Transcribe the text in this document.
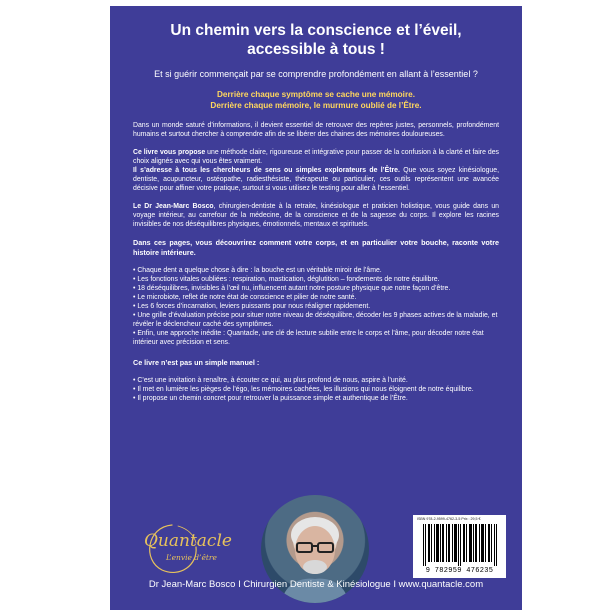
Un chemin vers la conscience et l’éveil,
accessible à tous !
Et si guérir commençait par se comprendre profondément en allant à l’essentiel ?
Derrière chaque symptôme se cache une mémoire.
Derrière chaque mémoire, le murmure oublié de l’Être.

Dans un monde saturé d’informations, il devient essentiel de retrouver des repères justes, personnels, profondément humains et surtout chercher à comprendre afin de se libérer des chaines des mémoires douloureuses.

Ce livre vous propose une méthode claire, rigoureuse et intégrative pour passer de la confusion à la clarté et faire des choix alignés avec qui vous êtes vraiment.

Il s’adresse à tous les chercheurs de sens ou simples explorateurs de l’Être. Que vous soyez kinésiologue, dentiste, acupuncteur, ostéopathe, radiesthésiste, thérapeute ou particulier, ces outils représentent une avancée décisive pour affiner votre pratique, surtout si vous utilisez le testing pour aller à l’essentiel.

Le Dr Jean-Marc Bosco, chirurgien-dentiste à la retraite, kinésiologue et praticien holistique, vous guide dans un voyage intérieur, au carrefour de la médecine, de la conscience et de la sagesse du corps. Il explore les racines invisibles de nos déséquilibres physiques, émotionnels, mentaux et spirituels.

Dans ces pages, vous découvrirez comment votre corps, et en particulier votre bouche, raconte votre histoire intérieure.

• Chaque dent a quelque chose à dire : la bouche est un véritable miroir de l’âme.
• Les fonctions vitales oubliées : respiration, mastication, déglutition – fondements de notre équilibre.
• 18 déséquilibres, invisibles à l’œil nu, influencent autant notre posture physique que notre façon d’être.
• Le microbiote, reflet de notre état de conscience et pilier de notre santé.
• Les 6 forces d’incarnation, leviers puissants pour nous réaligner rapidement.
• Une grille d’évaluation précise pour situer notre niveau de déséquilibre, décoder les 9 phases actives de la maladie, et révéler le déclencheur caché des symptômes.
• Enfin, une approche inédite : Quantacle, une clé de lecture subtile entre le corps et l’âme, pour décoder notre état intérieur avec précision et sens.

Ce livre n’est pas un simple manuel :

• C’est une invitation à renaître, à écouter ce qui, au plus profond de nous, aspire à l’unité.
• Il met en lumière les pièges de l’égo, les mémoires cachées, les illusions qui nous éloignent de notre équilibre.
• Il propose un chemin concret pour retrouver la puissance simple et authentique de l’Être.
Quantacle
L’envie d’être
ISBN 978-2-9599-4762-3-5 Prix : 29,5 €
9 782959 476235
Dr Jean-Marc Bosco I Chirurgien Dentiste & Kinésiologue I www.quantacle.com
